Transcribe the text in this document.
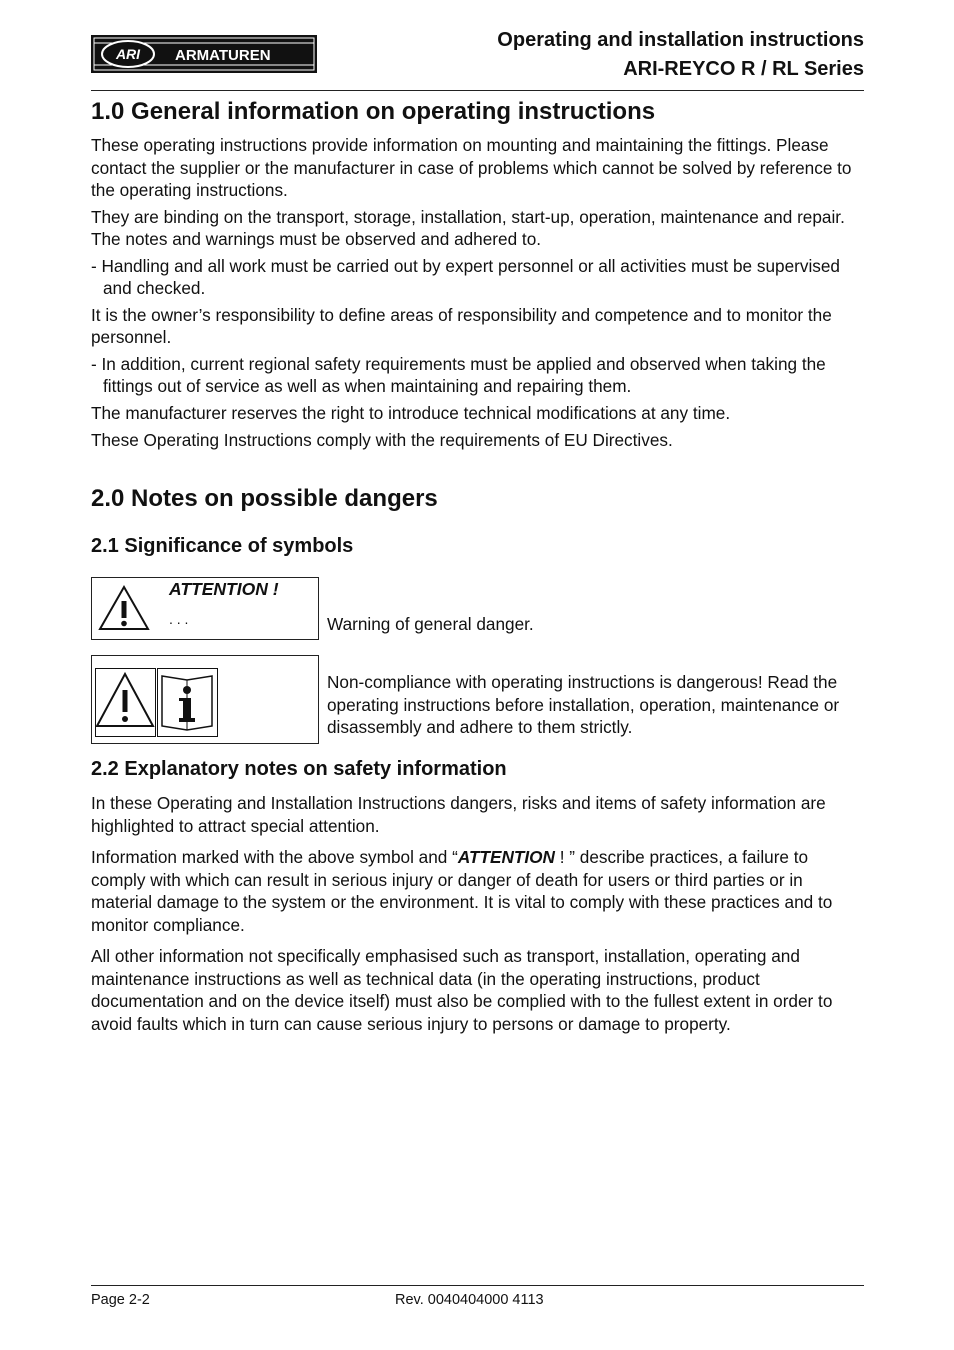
ARI ARMATUREN
Operating and installation instructions
ARI-REYCO R / RL Series
1.0 General information on operating instructions

These operating instructions provide information on mounting and maintaining the fittings. Please contact the supplier or the manufacturer in case of problems which cannot be solved by reference to the operating instructions.

They are binding on the transport, storage, installation, start-up, operation, maintenance and repair.

The notes and warnings must be observed and adhered to.

- Handling and all work must be carried out by expert personnel or all activities must be supervised and checked.

It is the owner’s responsibility to define areas of responsibility and competence and to monitor the personnel.

- In addition, current regional safety requirements must be applied and observed when taking the fittings out of service as well as when maintaining and repairing them.

The manufacturer reserves the right to introduce technical modifications at any time.

These Operating Instructions comply with the requirements of EU Directives.

2.0 Notes on possible dangers
2.1 Significance of symbols
ATTENTION !
. . .	Warning of general danger.
Non-compliance with operating instructions is dangerous! Read the operating instructions before installation, operation, maintenance or disassembly and adhere to them strictly.
2.2 Explanatory notes on safety information

In these Operating and Installation Instructions dangers, risks and items of safety information are highlighted to attract special attention.

Information marked with the above symbol and “ATTENTION ! ” describe practices, a failure to comply with which can result in serious injury or danger of death for users or third parties or in material damage to the system or the environment. It is vital to comply with these practices and to monitor compliance.

All other information not specifically emphasised such as transport, installation, operating and maintenance instructions as well as technical data (in the operating instructions, product documentation and on the device itself) must also be complied with to the fullest extent in order to avoid faults which in turn can cause serious injury to persons or damage to property.

Page 2-2	Rev. 0040404000 4113
